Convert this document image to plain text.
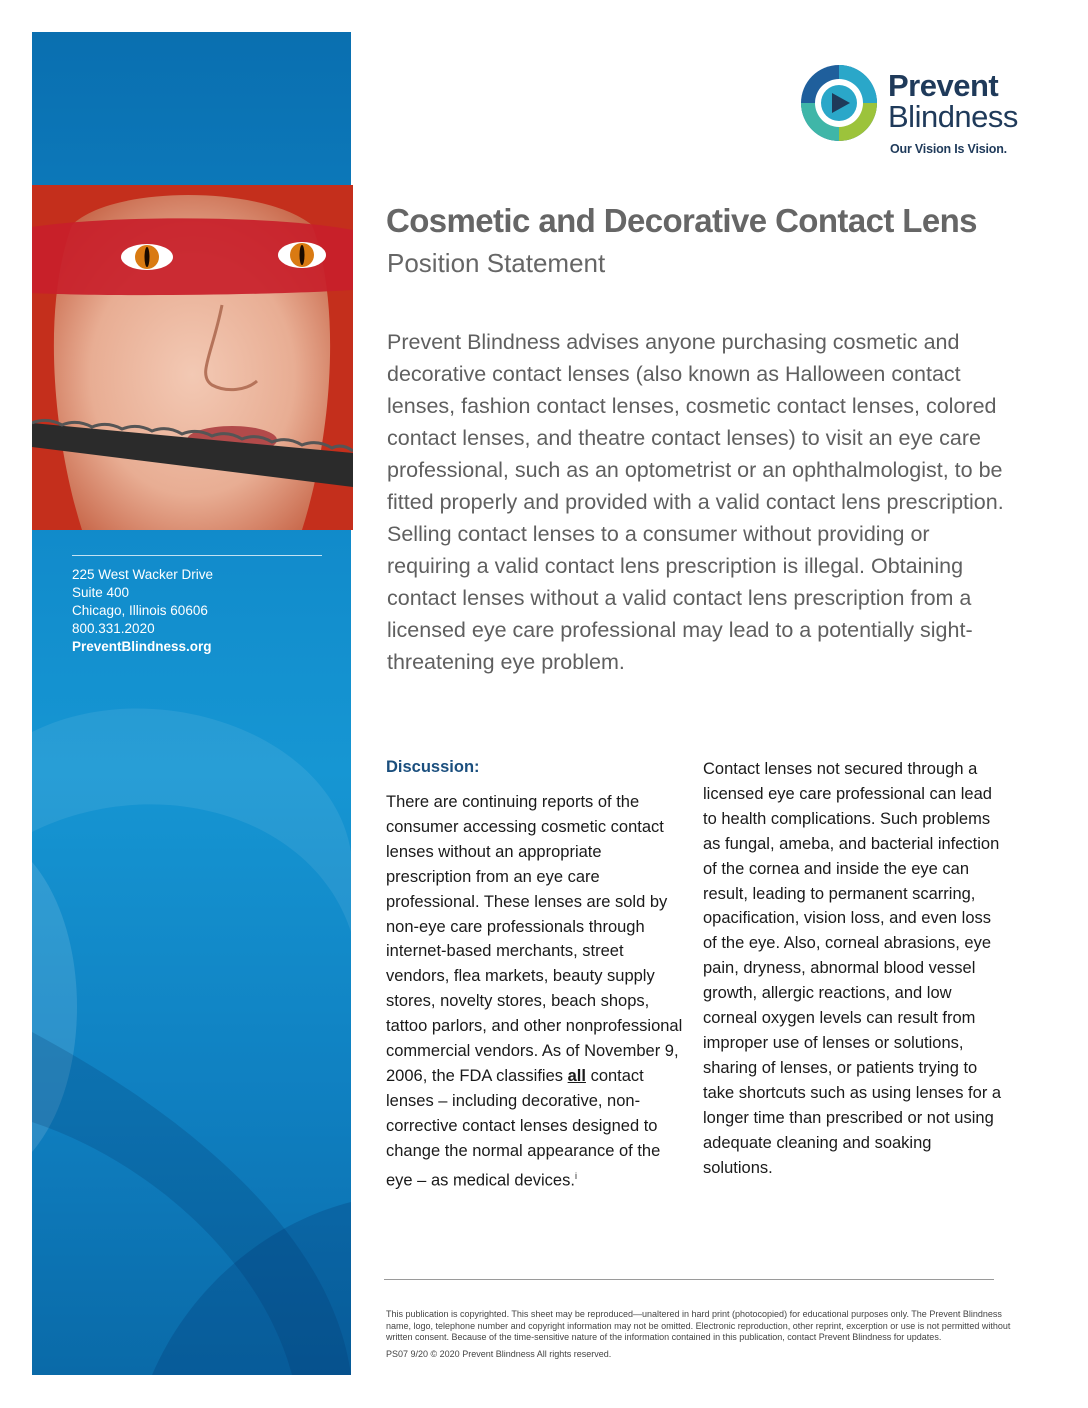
225 West Wacker Drive
Suite 400
Chicago, Illinois 60606
800.331.2020
PreventBlindness.org
Prevent
Blindness
Our Vision Is Vision.
Cosmetic and Decorative Contact Lens
Position Statement
Prevent Blindness advises anyone purchasing cosmetic and decorative contact lenses (also known as Halloween contact lenses, fashion contact lenses, cosmetic contact lenses, colored contact lenses, and theatre contact lenses) to visit an eye care professional, such as an optometrist or an ophthalmologist, to be fitted properly and provided with a valid contact lens prescription. Selling contact lenses to a consumer without providing or requiring a valid contact lens prescription is illegal. Obtaining contact lenses without a valid contact lens prescription from a licensed eye care professional may lead to a potentially sight-threatening eye problem.
Discussion:
There are continuing reports of the consumer accessing cosmetic contact lenses without an appropriate prescription from an eye care professional. These lenses are sold by non-eye care professionals through internet-based merchants, street vendors, flea markets, beauty supply stores, novelty stores, beach shops, tattoo parlors, and other nonprofessional commercial vendors. As of November 9, 2006, the FDA classifies all contact lenses – including decorative, non-corrective contact lenses designed to change the normal appearance of the eye – as medical devices.$^i$
Contact lenses not secured through a licensed eye care professional can lead to health complications. Such problems as fungal, ameba, and bacterial infection of the cornea and inside the eye can result, leading to permanent scarring, opacification, vision loss, and even loss of the eye. Also, corneal abrasions, eye pain, dryness, abnormal blood vessel growth, allergic reactions, and low corneal oxygen levels can result from improper use of lenses or solutions, sharing of lenses, or patients trying to take shortcuts such as using lenses for a longer time than prescribed or not using adequate cleaning and soaking solutions.
This publication is copyrighted. This sheet may be reproduced—unaltered in hard print (photocopied) for educational purposes only. The Prevent Blindness name, logo, telephone number and copyright information may not be omitted. Electronic reproduction, other reprint, excerption or use is not permitted without written consent. Because of the time-sensitive nature of the information contained in this publication, contact Prevent Blindness for updates.
PS07 9/20 © 2020 Prevent Blindness All rights reserved.
